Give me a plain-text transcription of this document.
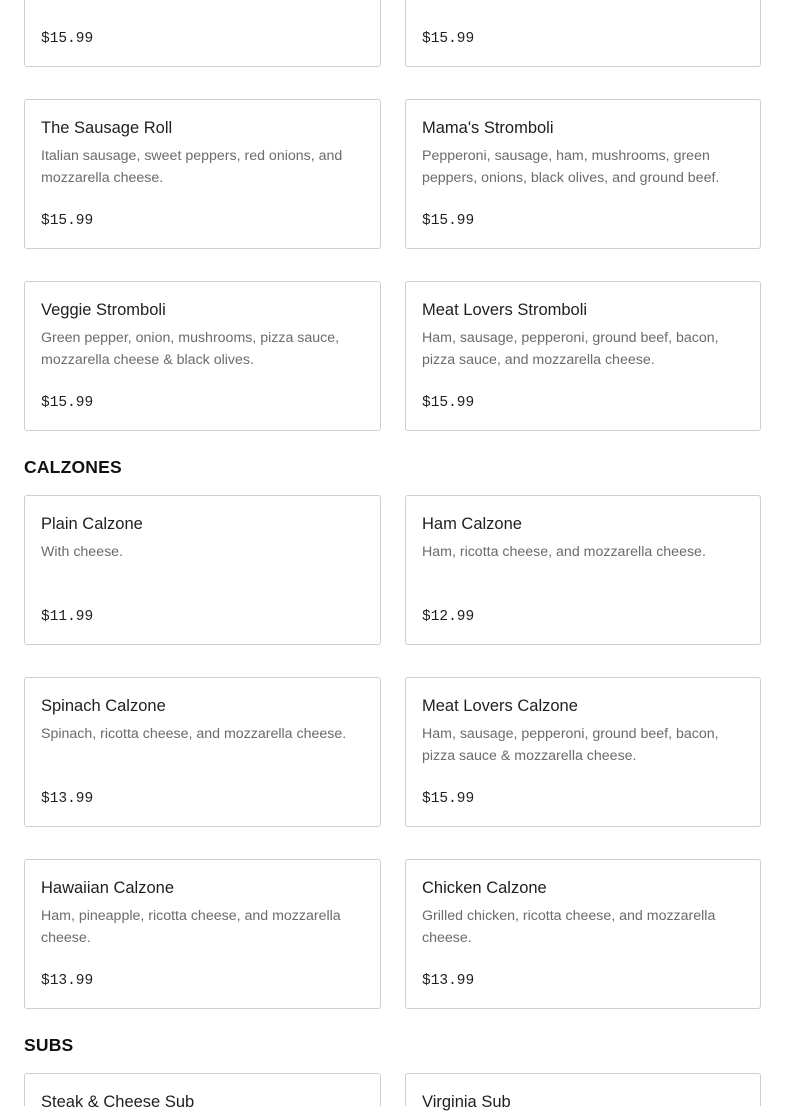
$15.99	$15.99
The Sausage Roll
Italian sausage, sweet peppers, red onions, and mozzarella cheese.
$15.99
Mama's Stromboli
Pepperoni, sausage, ham, mushrooms, green peppers, onions, black olives, and ground beef.
$15.99
Veggie Stromboli
Green pepper, onion, mushrooms, pizza sauce, mozzarella cheese & black olives.
$15.99
Meat Lovers Stromboli
Ham, sausage, pepperoni, ground beef, bacon, pizza sauce, and mozzarella cheese.
$15.99
CALZONES
Plain Calzone
With cheese.
$11.99
Ham Calzone
Ham, ricotta cheese, and mozzarella cheese.
$12.99
Spinach Calzone
Spinach, ricotta cheese, and mozzarella cheese.
$13.99
Meat Lovers Calzone
Ham, sausage, pepperoni, ground beef, bacon, pizza sauce & mozzarella cheese.
$15.99
Hawaiian Calzone
Ham, pineapple, ricotta cheese, and mozzarella cheese.
$13.99
Chicken Calzone
Grilled chicken, ricotta cheese, and mozzarella cheese.
$13.99
SUBS
Steak & Cheese Sub	Virginia Sub
